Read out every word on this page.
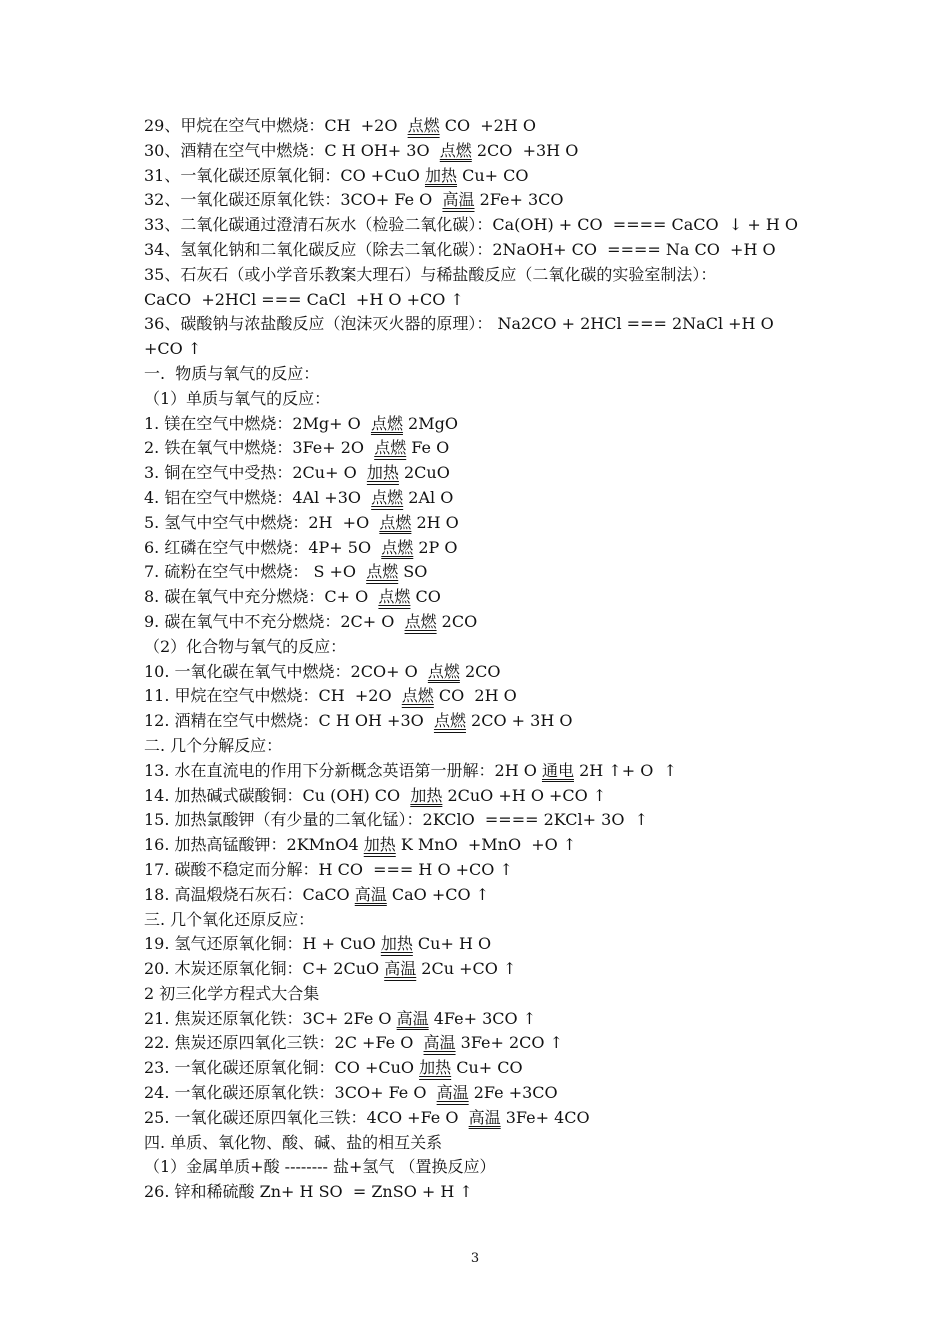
29、甲烷在空气中燃烧：CH  +2O  点燃 CO  +2H O
30、酒精在空气中燃烧：C H OH+ 3O  点燃 2CO  +3H O
31、一氧化碳还原氧化铜：CO +CuO 加热 Cu+ CO
32、一氧化碳还原氧化铁：3CO+ Fe O  高温 2Fe+ 3CO
33、二氧化碳通过澄清石灰水（检验二氧化碳）：Ca(OH) + CO  ==== CaCO  ↓ + H O
34、氢氧化钠和二氧化碳反应（除去二氧化碳）：2NaOH+ CO  ==== Na CO  +H O
35、石灰石（或小学音乐教案大理石）与稀盐酸反应（二氧化碳的实验室制法）：
CaCO  +2HCl === CaCl  +H O +CO ↑
36、碳酸钠与浓盐酸反应（泡沫灭火器的原理）： Na2CO + 2HCl === 2NaCl +H O
+CO ↑
一.  物质与氧气的反应：
（1）单质与氧气的反应：
1. 镁在空气中燃烧：2Mg+ O  点燃 2MgO
2. 铁在氧气中燃烧：3Fe+ 2O  点燃 Fe O
3. 铜在空气中受热：2Cu+ O  加热 2CuO
4. 铝在空气中燃烧：4Al +3O  点燃 2Al O
5. 氢气中空气中燃烧：2H  +O  点燃 2H O
6. 红磷在空气中燃烧：4P+ 5O  点燃 2P O
7. 硫粉在空气中燃烧： S +O  点燃 SO
8. 碳在氧气中充分燃烧：C+ O  点燃 CO
9. 碳在氧气中不充分燃烧：2C+ O  点燃 2CO
（2）化合物与氧气的反应：
10. 一氧化碳在氧气中燃烧：2CO+ O  点燃 2CO
11. 甲烷在空气中燃烧：CH  +2O  点燃 CO  2H O
12. 酒精在空气中燃烧：C H OH +3O  点燃 2CO + 3H O
二. 几个分解反应：
13. 水在直流电的作用下分新概念英语第一册解：2H O 通电 2H ↑+ O  ↑
14. 加热碱式碳酸铜：Cu (OH) CO  加热 2CuO +H O +CO ↑
15. 加热氯酸钾（有少量的二氧化锰）：2KClO  ==== 2KCl+ 3O  ↑
16. 加热高锰酸钾：2KMnO4 加热 K MnO  +MnO  +O ↑
17. 碳酸不稳定而分解：H CO  === H O +CO ↑
18. 高温煅烧石灰石：CaCO 高温 CaO +CO ↑
三. 几个氧化还原反应：
19. 氢气还原氧化铜：H + CuO 加热 Cu+ H O
20. 木炭还原氧化铜：C+ 2CuO 高温 2Cu +CO ↑
2 初三化学方程式大合集
21. 焦炭还原氧化铁：3C+ 2Fe O 高温 4Fe+ 3CO ↑
22. 焦炭还原四氧化三铁：2C +Fe O  高温 3Fe+ 2CO ↑
23. 一氧化碳还原氧化铜：CO +CuO 加热 Cu+ CO
24. 一氧化碳还原氧化铁：3CO+ Fe O  高温 2Fe +3CO
25. 一氧化碳还原四氧化三铁：4CO +Fe O  高温 3Fe+ 4CO
四. 单质、氧化物、酸、碱、盐的相互关系
（1）金属单质+酸 -------- 盐+氢气 （置换反应）
26. 锌和稀硫酸 Zn+ H SO  = ZnSO + H ↑
3
